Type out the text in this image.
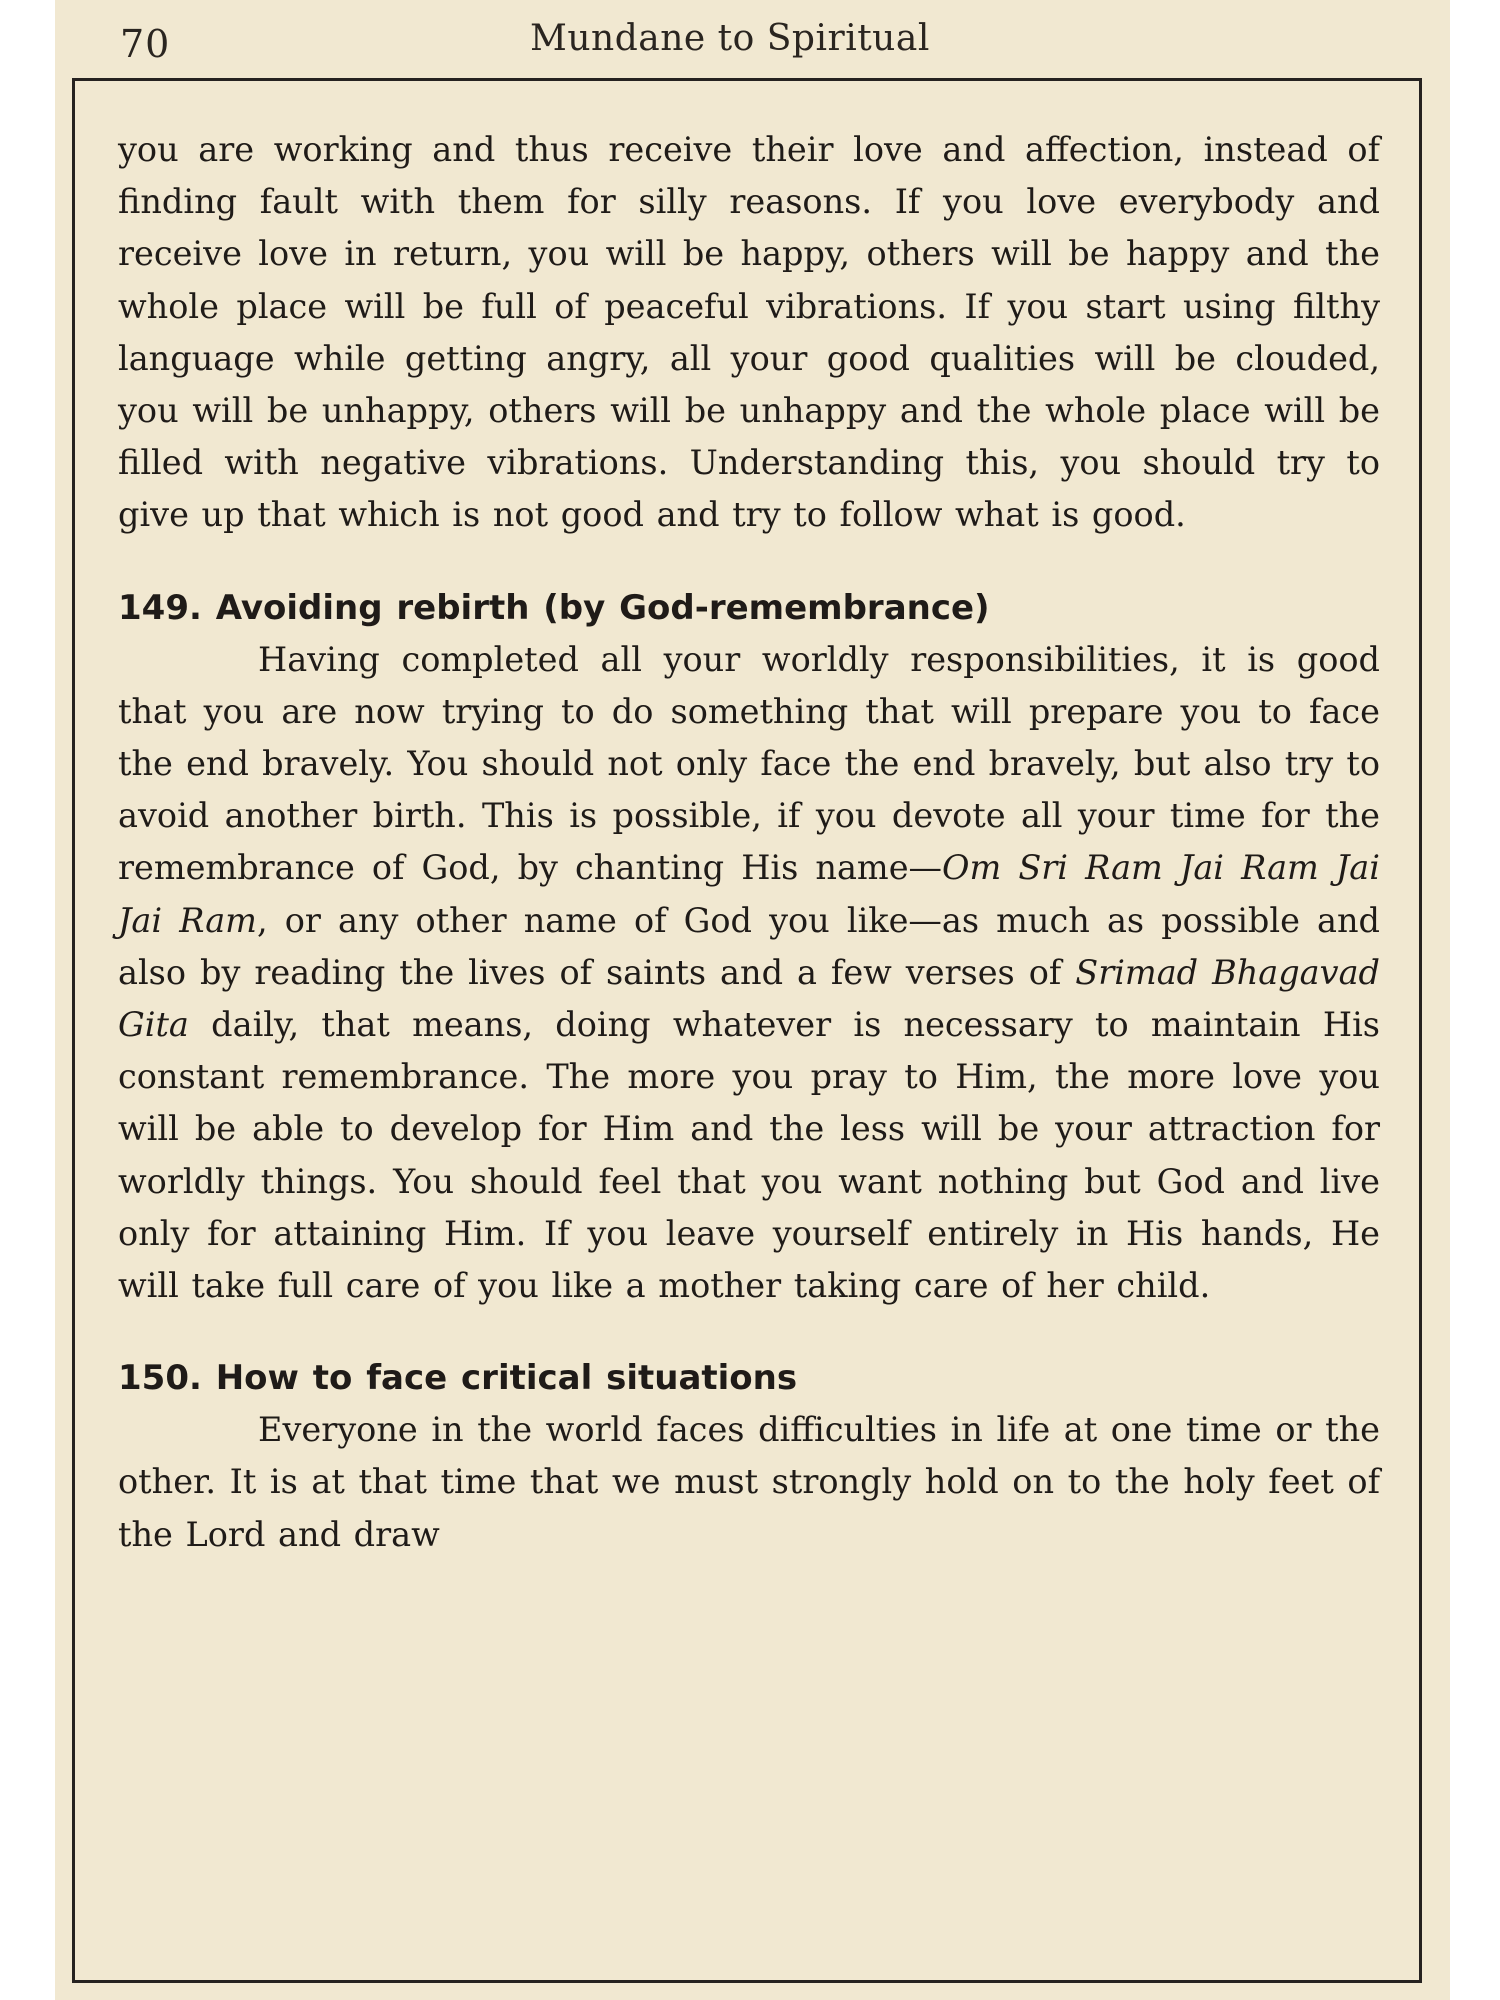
70	Mundane to Spiritual

you are working and thus receive their love and affection, instead of finding fault with them for silly reasons. If you love everybody and receive love in return, you will be happy, others will be happy and the whole place will be full of peaceful vibrations. If you start using filthy language while getting angry, all your good qualities will be clouded, you will be unhappy, others will be unhappy and the whole place will be filled with negative vibrations. Understanding this, you should try to give up that which is not good and try to follow what is good.

149. Avoiding rebirth (by God-remembrance)

Having completed all your worldly responsibilities, it is good that you are now trying to do something that will prepare you to face the end bravely. You should not only face the end bravely, but also try to avoid another birth. This is possible, if you devote all your time for the remembrance of God, by chanting His name—Om Sri Ram Jai Ram Jai Jai Ram, or any other name of God you like—as much as possible and also by reading the lives of saints and a few verses of Srimad Bhagavad Gita daily, that means, doing whatever is necessary to maintain His constant remembrance. The more you pray to Him, the more love you will be able to develop for Him and the less will be your attraction for worldly things. You should feel that you want nothing but God and live only for attaining Him. If you leave yourself entirely in His hands, He will take full care of you like a mother taking care of her child.

150. How to face critical situations

Everyone in the world faces difficulties in life at one time or the other. It is at that time that we must strongly hold on to the holy feet of the Lord and draw
